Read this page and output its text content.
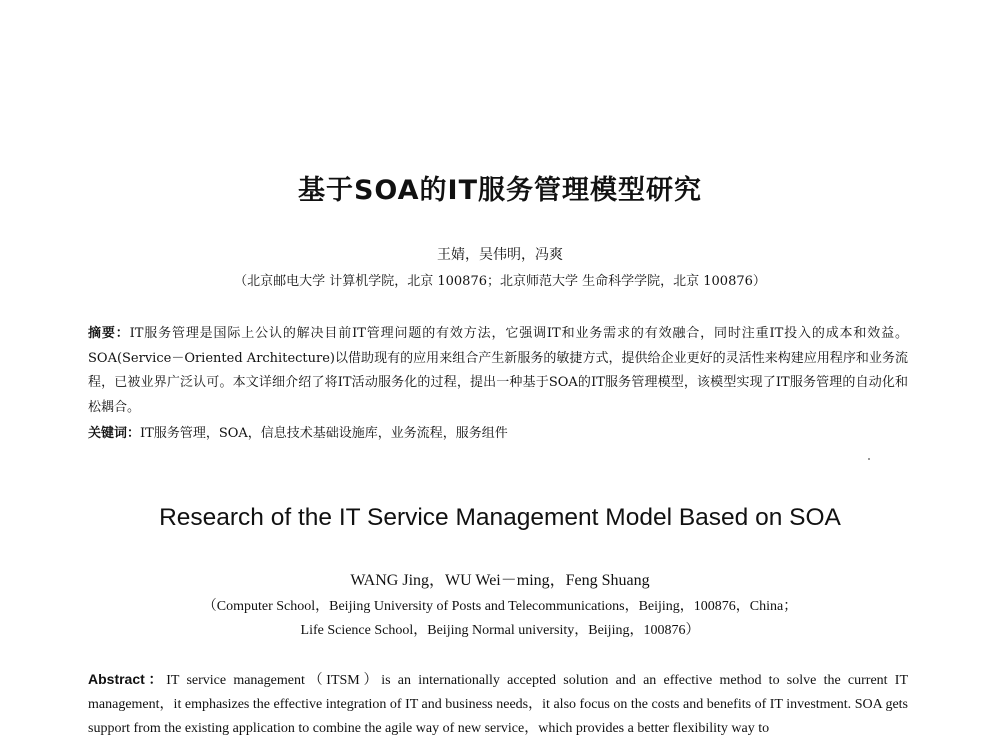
基于SOA的IT服务管理模型研究
王婧，吴伟明，冯爽
（北京邮电大学 计算机学院，北京 100876；北京师范大学 生命科学学院，北京 100876）
摘要：IT服务管理是国际上公认的解决目前IT管理问题的有效方法，它强调IT和业务需求的有效融合，同时注重IT投入的成本和效益。SOA(Service－Oriented Architecture)以借助现有的应用来组合产生新服务的敏捷方式，提供给企业更好的灵活性来构建应用程序和业务流程，已被业界广泛认可。本文详细介绍了将IT活动服务化的过程，提出一种基于SOA的IT服务管理模型，该模型实现了IT服务管理的自动化和松耦合。
关键词：IT服务管理，SOA，信息技术基础设施库，业务流程，服务组件
Research of the IT Service Management Model Based on SOA
WANG Jing，WU Wei－ming，Feng Shuang
（Computer School，Beijing University of Posts and Telecommunications，Beijing，100876，China；
Life Science School，Beijing Normal university，Beijing，100876）
Abstract：IT service management（ITSM）is an internationally accepted solution and an effective method to solve the current IT management，it emphasizes the effective integration of IT and business needs，it also focus on the costs and benefits of IT investment. SOA gets support from the existing application to combine the agile way of new service，which provides a better flexibility way to
